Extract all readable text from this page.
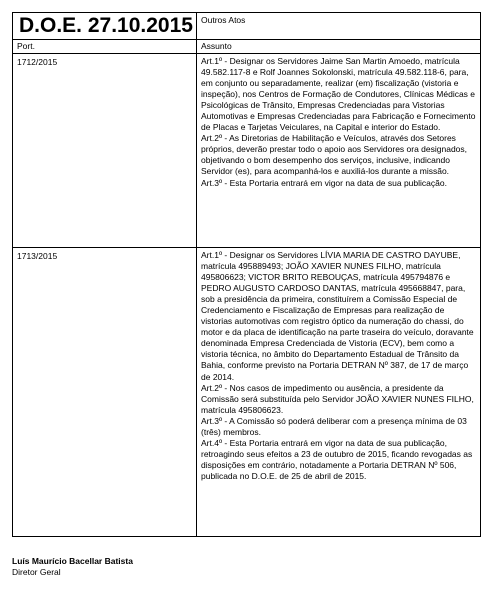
D.O.E. 27.10.2015	Outros Atos
Port.	Assunto
1712/2015	Art.1º - Designar os Servidores Jaime San Martin Amoedo, matrícula 49.582.117-8 e Rolf Joannes Sokolonski, matrícula 49.582.118-6, para, em conjunto ou separadamente, realizar (em) fiscalização (vistoria e inspeção), nos Centros de Formação de Condutores, Clínicas Médicas e Psicológicas de Trânsito, Empresas Credenciadas para Vistorias Automotivas e Empresas Credenciadas para Fabricação e Fornecimento de Placas e Tarjetas Veiculares, na Capital e interior do Estado.

Art.2º - As Diretorias de Habilitação e Veículos, através dos Setores próprios, deverão prestar todo o apoio aos Servidores ora designados, objetivando o bom desempenho dos serviços, inclusive, indicando Servidor (es), para acompanhá-los e auxiliá-los durante a missão.

Art.3º - Esta Portaria entrará em vigor na data de sua publicação.

1713/2015	Art.1º - Designar os Servidores LÍVIA MARIA DE CASTRO DAYUBE, matrícula 495889493; JOÃO XAVIER NUNES FILHO, matrícula 495806623; VICTOR BRITO REBOUÇAS, matrícula 495794876 e PEDRO AUGUSTO CARDOSO DANTAS, matrícula 495668847, para, sob a presidência da primeira, constituírem a Comissão Especial de Credenciamento e Fiscalização de Empresas para realização de vistorias automotivas com registro óptico da numeração do chassi, do motor e da placa de identificação na parte traseira do veículo, doravante denominada Empresa Credenciada de Vistoria (ECV), bem como a vistoria técnica, no âmbito do Departamento Estadual de Trânsito da Bahia, conforme previsto na Portaria DETRAN Nº 387, de 17 de março de 2014.

Art.2º - Nos casos de impedimento ou ausência, a presidente da Comissão será substituída pelo Servidor JOÃO XAVIER NUNES FILHO, matrícula 495806623.

Art.3º - A Comissão só poderá deliberar com a presença mínima de 03 (três) membros.

Art.4º - Esta Portaria entrará em vigor na data de sua publicação, retroagindo seus efeitos a 23 de outubro de 2015, ficando revogadas as disposições em contrário, notadamente a Portaria DETRAN Nº 506, publicada no D.O.E. de 25 de abril de 2015.

Luís Maurício Bacellar Batista
Diretor Geral
